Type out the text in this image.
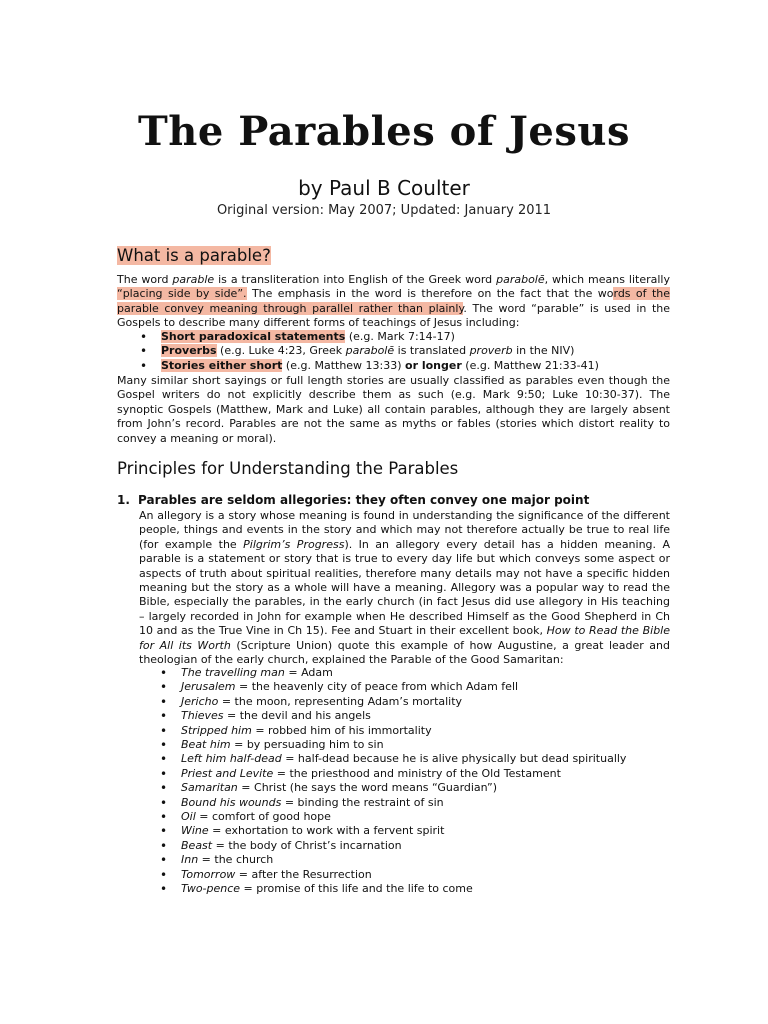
The Parables of Jesus
by Paul B Coulter
Original version: May 2007; Updated: January 2011
What is a parable?
The word parable is a transliteration into English of the Greek word parabolē, which means literally “placing side by side”. The emphasis in the word is therefore on the fact that the words of the parable convey meaning through parallel rather than plainly. The word “parable” is used in the Gospels to describe many different forms of teachings of Jesus including:
• Short paradoxical statements (e.g. Mark 7:14-17)
• Proverbs (e.g. Luke 4:23, Greek parabolē is translated proverb in the NIV)
• Stories either short (e.g. Matthew 13:33) or longer (e.g. Matthew 21:33-41)
Many similar short sayings or full length stories are usually classified as parables even though the Gospel writers do not explicitly describe them as such (e.g. Mark 9:50; Luke 10:30-37). The synoptic Gospels (Matthew, Mark and Luke) all contain parables, although they are largely absent from John’s record. Parables are not the same as myths or fables (stories which distort reality to convey a meaning or moral).
Principles for Understanding the Parables
1. Parables are seldom allegories: they often convey one major point
An allegory is a story whose meaning is found in understanding the significance of the different people, things and events in the story and which may not therefore actually be true to real life (for example the Pilgrim’s Progress). In an allegory every detail has a hidden meaning. A parable is a statement or story that is true to every day life but which conveys some aspect or aspects of truth about spiritual realities, therefore many details may not have a specific hidden meaning but the story as a whole will have a meaning. Allegory was a popular way to read the Bible, especially the parables, in the early church (in fact Jesus did use allegory in His teaching – largely recorded in John for example when He described Himself as the Good Shepherd in Ch 10 and as the True Vine in Ch 15). Fee and Stuart in their excellent book, How to Read the Bible for All its Worth (Scripture Union) quote this example of how Augustine, a great leader and theologian of the early church, explained the Parable of the Good Samaritan:
• The travelling man = Adam
• Jerusalem = the heavenly city of peace from which Adam fell
• Jericho = the moon, representing Adam’s mortality
• Thieves = the devil and his angels
• Stripped him = robbed him of his immortality
• Beat him = by persuading him to sin
• Left him half-dead = half-dead because he is alive physically but dead spiritually
• Priest and Levite = the priesthood and ministry of the Old Testament
• Samaritan = Christ (he says the word means “Guardian”)
• Bound his wounds = binding the restraint of sin
• Oil = comfort of good hope
• Wine = exhortation to work with a fervent spirit
• Beast = the body of Christ’s incarnation
• Inn = the church
• Tomorrow = after the Resurrection
• Two-pence = promise of this life and the life to come
